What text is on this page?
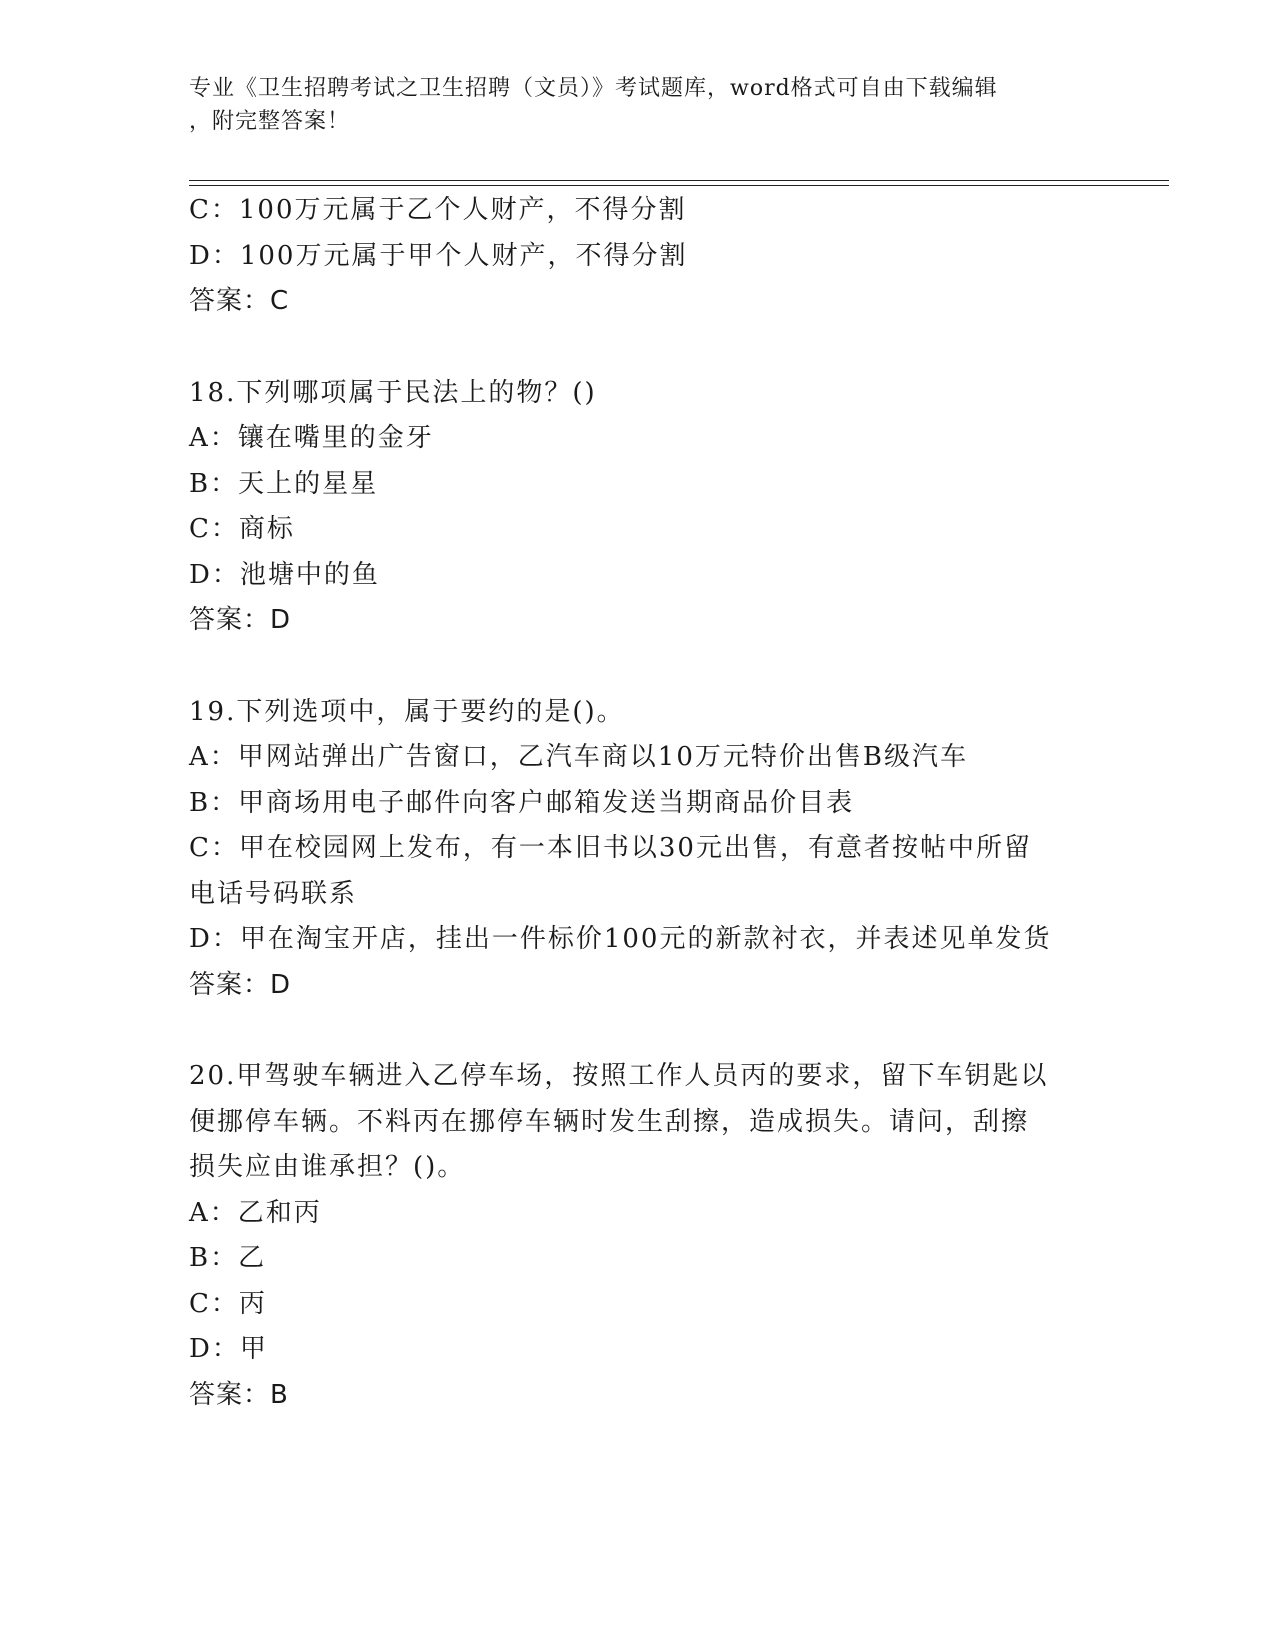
专业《卫生招聘考试之卫生招聘（文员）》考试题库，word格式可自由下载编辑
，附完整答案！
C：100万元属于乙个人财产，不得分割
D：100万元属于甲个人财产，不得分割
答案：C
18.下列哪项属于民法上的物？()
A：镶在嘴里的金牙
B：天上的星星
C：商标
D：池塘中的鱼
答案：D
19.下列选项中，属于要约的是()。
A：甲网站弹出广告窗口，乙汽车商以10万元特价出售B级汽车
B：甲商场用电子邮件向客户邮箱发送当期商品价目表
C：甲在校园网上发布，有一本旧书以30元出售，有意者按帖中所留
电话号码联系
D：甲在淘宝开店，挂出一件标价100元的新款衬衣，并表述见单发货
答案：D
20.甲驾驶车辆进入乙停车场，按照工作人员丙的要求，留下车钥匙以
便挪停车辆。不料丙在挪停车辆时发生刮擦，造成损失。请问，刮擦
损失应由谁承担？()。
A：乙和丙
B：乙
C：丙
D：甲
答案：B
